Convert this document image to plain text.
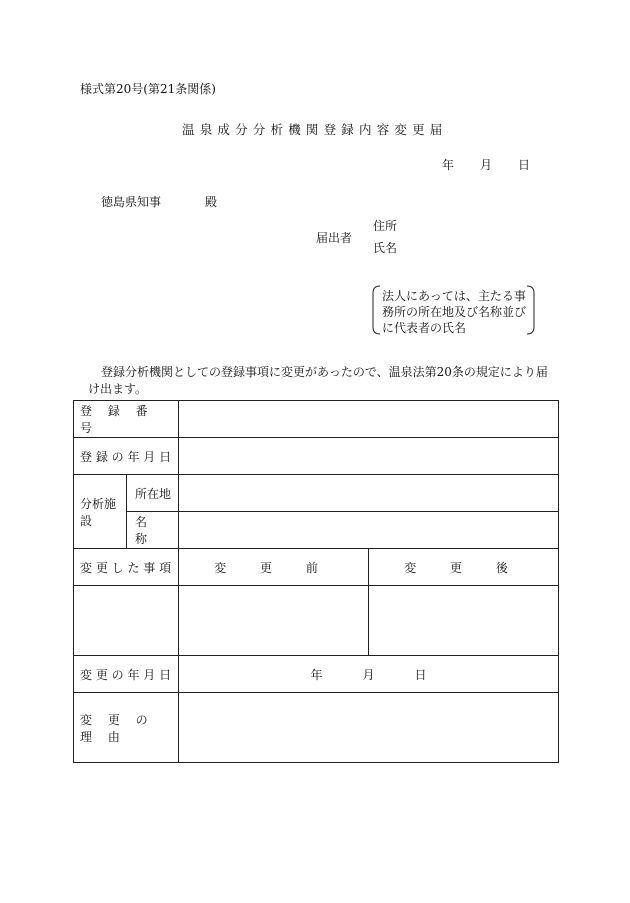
様式第20号(第21条関係)
温泉成分分析機関登録内容変更届
年 月 日
徳島県知事	殿
届出者
住所
氏名
法人にあっては、主たる事務所の所在地及び名称並びに代表者の氏名
登録分析機関としての登録事項に変更があったので、温泉法第20条の規定により届け出ます。
登 録 番 号			
登 録 の 年 月 日			
分析施設	所在地		
	名 称		
変 更 し た 事 項		変 更 前	変 更 後

変 更 の 年 月 日		年 月 日	
変 更 の 理 由			
